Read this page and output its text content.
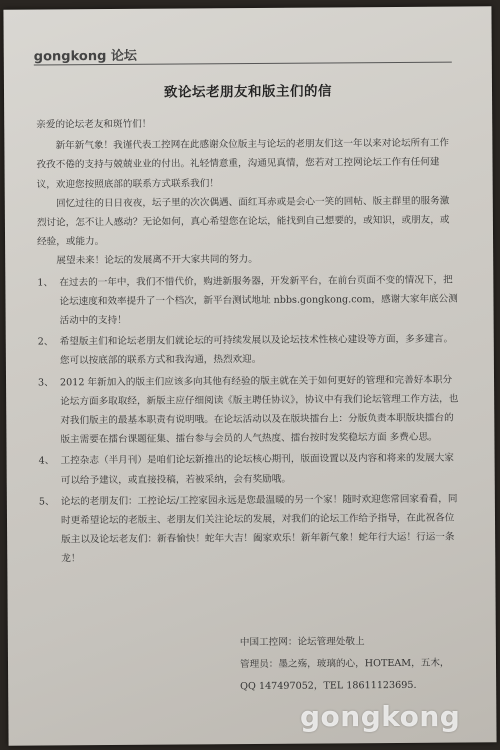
gongkong 论坛
致论坛老朋友和版主们的信

亲爱的论坛老友和斑竹们！

新年新气象！我谨代表工控网在此感谢众位版主与论坛的老朋友们这一年以来对论坛所有工作孜孜不倦的支持与兢兢业业的付出。礼轻情意重，沟通见真情，您若对工控网论坛工作有任何建议，欢迎您按照底部的联系方式联系我们！

回忆过往的日日夜夜，坛子里的次次偶遇、面红耳赤或是会心一笑的回帖、版主群里的服务激烈讨论，怎不让人感动？无论如何，真心希望您在论坛，能找到自己想要的，或知识，或朋友，或经验，或能力。

展望未来！论坛的发展离不开大家共同的努力。

1、 在过去的一年中，我们不惜代价，购进新服务器，开发新平台，在前台页面不变的情况下，把论坛速度和效率提升了一个档次，新平台测试地址 nbbs.gongkong.com，感谢大家年底公测活动中的支持！

2、 希望版主们和论坛老朋友们就论坛的可持续发展以及论坛技术性核心建设等方面，多多建言。您可以按底部的联系方式和我沟通，热烈欢迎。

3、 2012 年新加入的版主们应该多向其他有经验的版主就在关于如何更好的管理和完善好本职分论坛方面多取取经，新版主应仔细阅读《版主聘任协议》，协议中有我们论坛管理工作方法，也对我们版主的最基本职责有说明哦。在论坛活动以及在版块擂台上：分版负责本职版块擂台的版主需要在擂台课题征集、擂台参与会员的人气热度、擂台按时发奖稳坛方面 多费心思。

4、 工控杂志（半月刊）是咱们论坛新推出的论坛核心期刊，版面设置以及内容和将来的发展大家可以给予建议，或直接投稿，若被采纳，会有奖励哦。

5、 论坛的老朋友们：工控论坛/工控家园永远是您最温暖的另一个家！随时欢迎您常回家看看，同时更希望论坛的老版主、老朋友们关注论坛的发展，对我们的论坛工作给予指导，在此祝各位版主以及论坛老友们：新春愉快！蛇年大吉！阖家欢乐！新年新气象！蛇年行大运！行运一条龙！

中国工控网：论坛管理处敬上
管理员：墨之殇，玻璃的心，HOTEAM，五木，
QQ 147497052，TEL 18611123695.
gongkong
